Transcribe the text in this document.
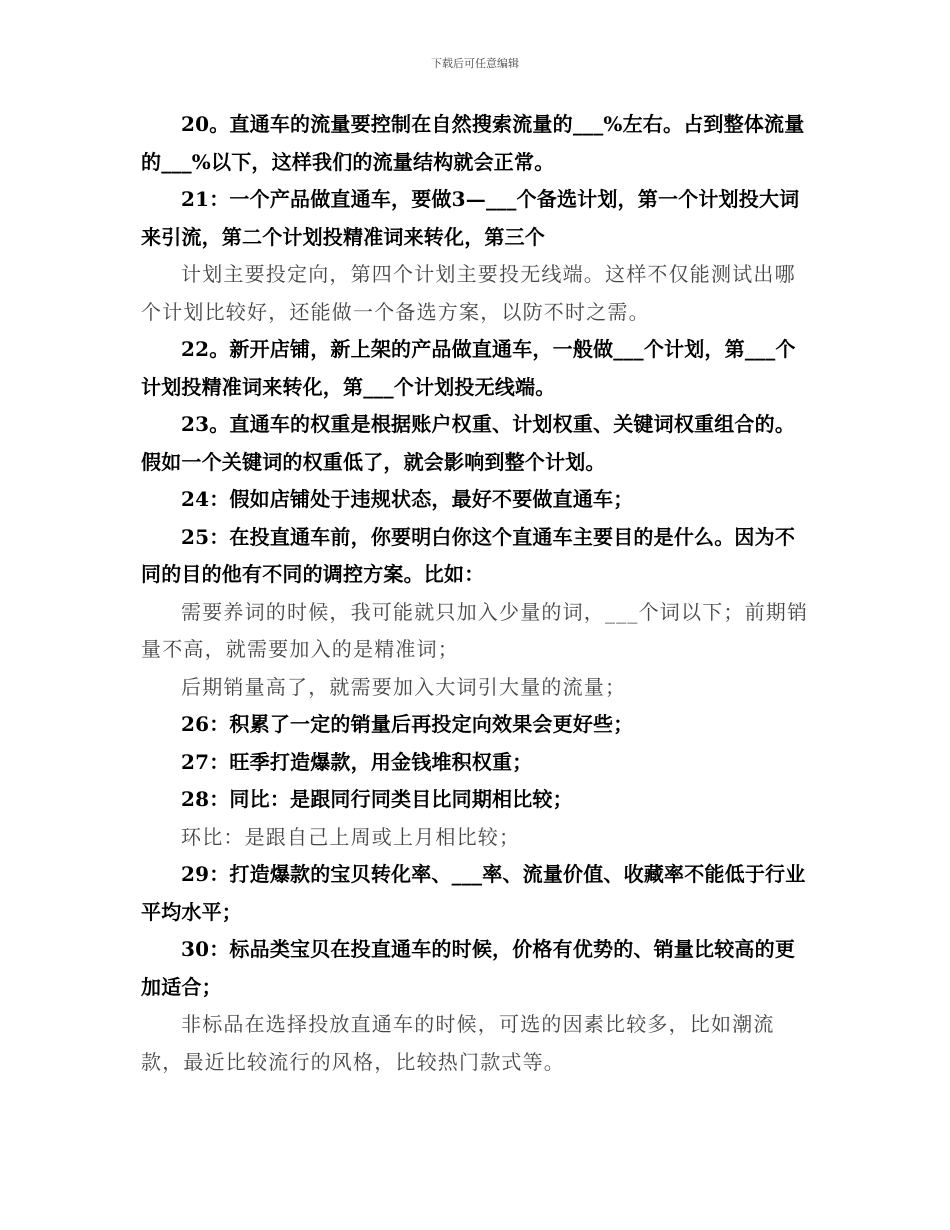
下载后可任意编辑

20。直通车的流量要控制在自然搜索流量的___%左右。占到整体流量的___%以下，这样我们的流量结构就会正常。

21：一个产品做直通车，要做3—___个备选计划，第一个计划投大词来引流，第二个计划投精准词来转化，第三个

计划主要投定向，第四个计划主要投无线端。这样不仅能测试出哪个计划比较好，还能做一个备选方案，以防不时之需。

22。新开店铺，新上架的产品做直通车，一般做___个计划，第___个计划投精准词来转化，第___个计划投无线端。

23。直通车的权重是根据账户权重、计划权重、关键词权重组合的。假如一个关键词的权重低了，就会影响到整个计划。

24：假如店铺处于违规状态，最好不要做直通车；

25：在投直通车前，你要明白你这个直通车主要目的是什么。因为不同的目的他有不同的调控方案。比如：

需要养词的时候，我可能就只加入少量的词，___个词以下；前期销量不高，就需要加入的是精准词；

后期销量高了，就需要加入大词引大量的流量；

26：积累了一定的销量后再投定向效果会更好些；

27：旺季打造爆款，用金钱堆积权重；

28：同比：是跟同行同类目比同期相比较；

环比：是跟自己上周或上月相比较；

29：打造爆款的宝贝转化率、___率、流量价值、收藏率不能低于行业平均水平；

30：标品类宝贝在投直通车的时候，价格有优势的、销量比较高的更加适合；

非标品在选择投放直通车的时候，可选的因素比较多，比如潮流款，最近比较流行的风格，比较热门款式等。
